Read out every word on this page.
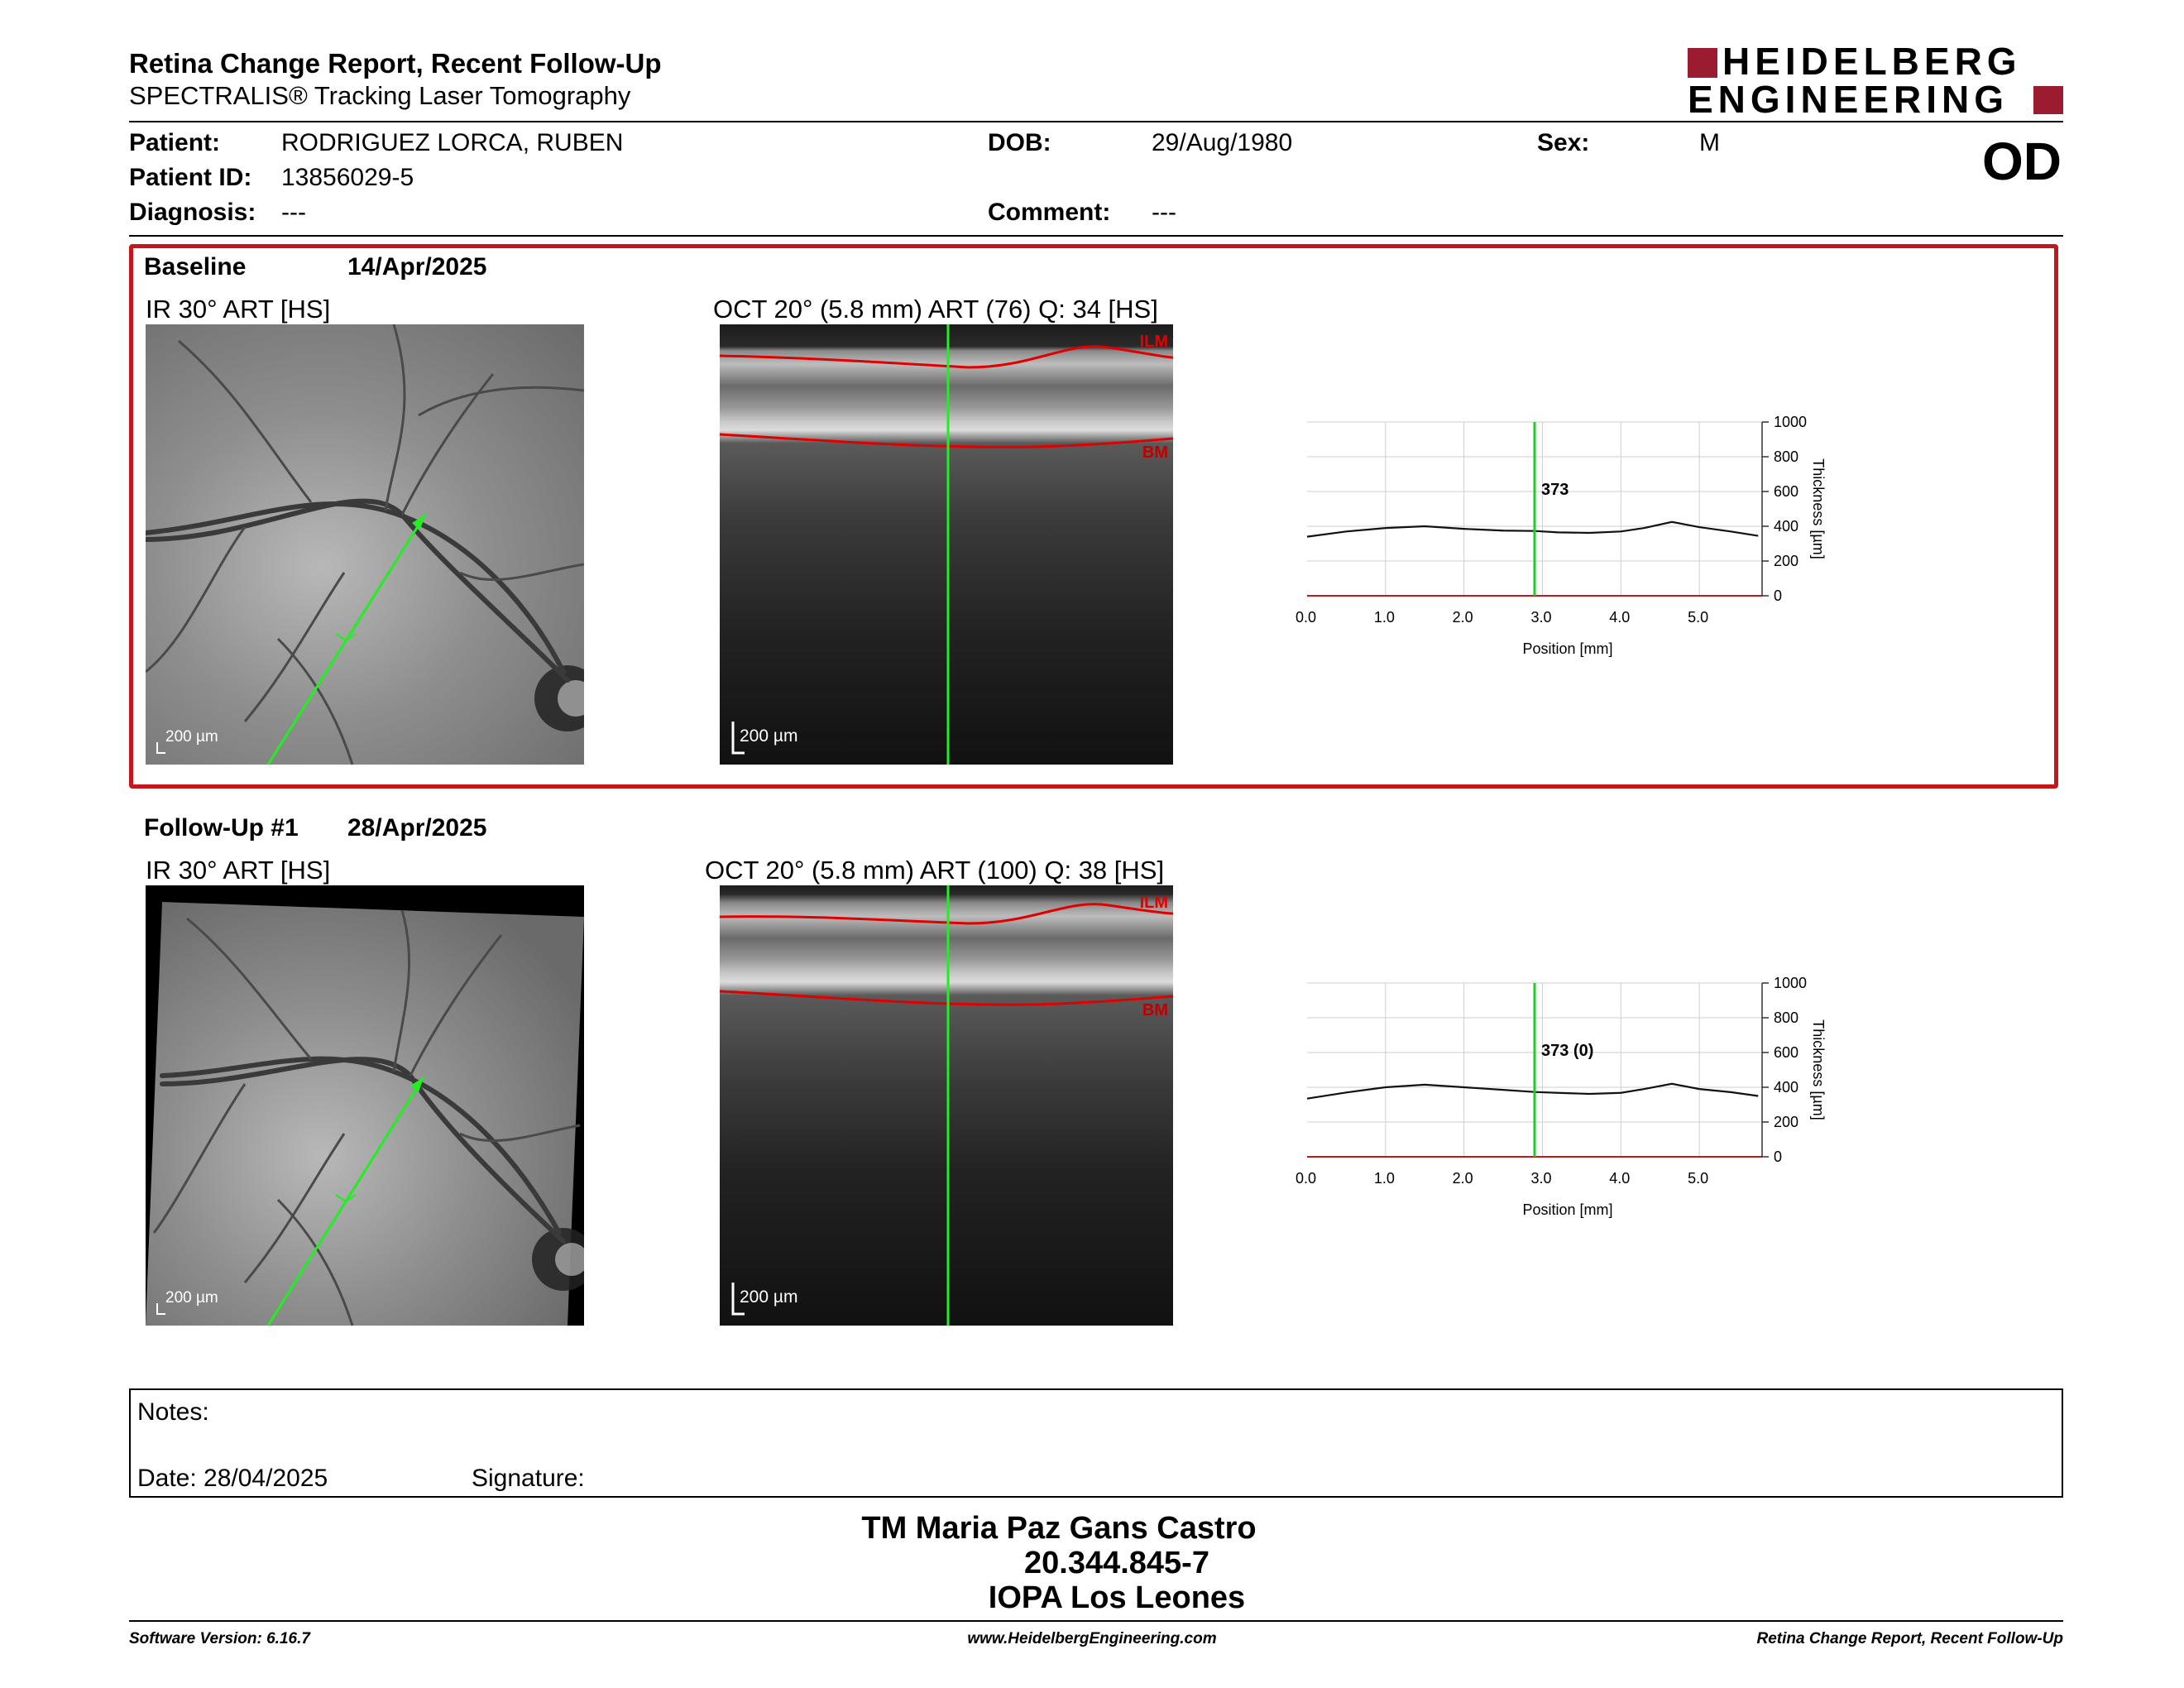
Retina Change Report, Recent Follow-Up
SPECTRALIS® Tracking Laser Tomography
HEIDELBERG
ENGINEERING
Patient: RODRIGUEZ LORCA, RUBEN
Patient ID: 13856029-5
Diagnosis: ---
DOB:	29/Aug/1980
Comment: ---
Sex:	M	OD
Baseline	14/Apr/2025
IR 30° ART [HS]	OCT 20° (5.8 mm) ART (76) Q: 34 [HS]
200 µm
ILM
BM
200 µm
0
200
400
600
800
1000
0.0	1.0	2.0	3.0	4.0	5.0
Position [mm]
Thickness [µm]
373
Follow-Up #1 28/Apr/2025
IR 30° ART [HS]	OCT 20° (5.8 mm) ART (100) Q: 38 [HS]
200 µm
ILM
BM
200 µm
0
200
400
600
800
1000
0.0	1.0	2.0	3.0	4.0	5.0
Position [mm]
Thickness [µm]
373 (0)
Notes:
Date: 28/04/2025	Signature:
TM Maria Paz Gans Castro
20.344.845-7
IOPA Los Leones
Software Version: 6.16.7	www.HeidelbergEngineering.com	Retina Change Report, Recent Follow-Up
